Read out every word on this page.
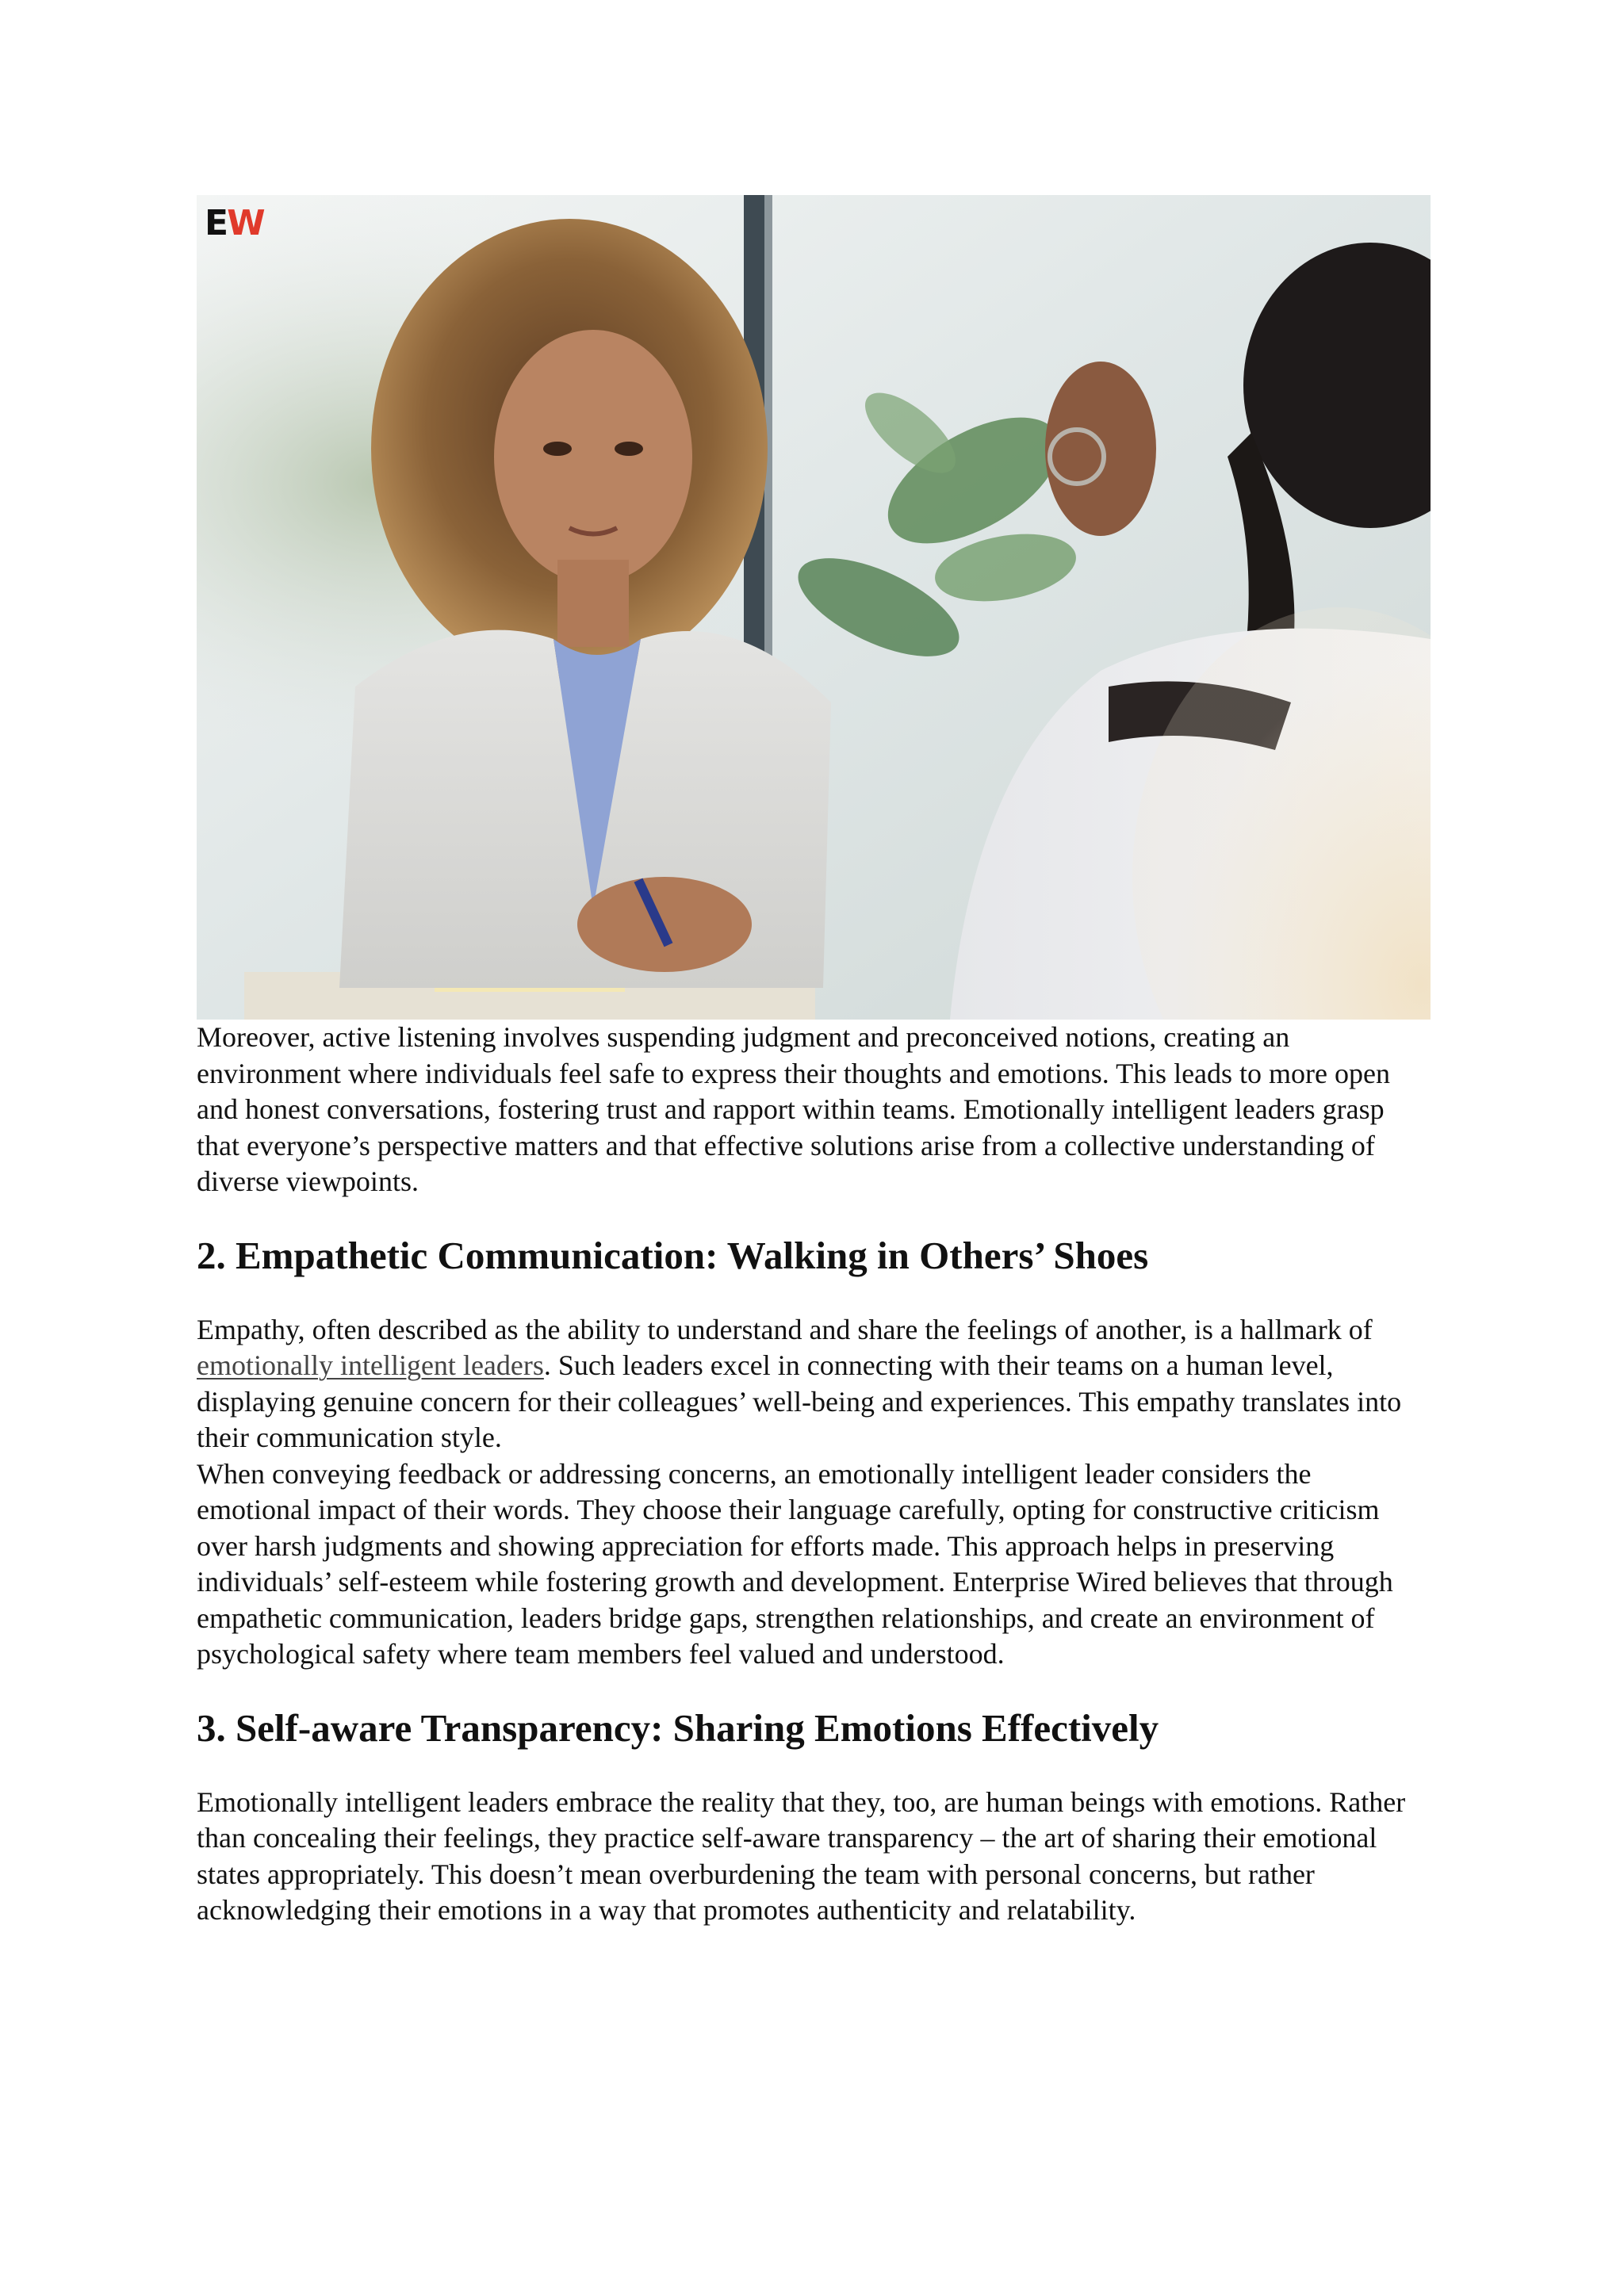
EW

Moreover, active listening involves suspending judgment and preconceived notions, creating an environment where individuals feel safe to express their thoughts and emotions. This leads to more open and honest conversations, fostering trust and rapport within teams. Emotionally intelligent leaders grasp that everyone’s perspective matters and that effective solutions arise from a collective understanding of diverse viewpoints.

2. Empathetic Communication: Walking in Others’ Shoes

Empathy, often described as the ability to understand and share the feelings of another, is a hallmark of emotionally intelligent leaders. Such leaders excel in connecting with their teams on a human level, displaying genuine concern for their colleagues’ well-being and experiences. This empathy translates into their communication style.

When conveying feedback or addressing concerns, an emotionally intelligent leader considers the emotional impact of their words. They choose their language carefully, opting for constructive criticism over harsh judgments and showing appreciation for efforts made. This approach helps in preserving individuals’ self-esteem while fostering growth and development. Enterprise Wired believes that through empathetic communication, leaders bridge gaps, strengthen relationships, and create an environment of psychological safety where team members feel valued and understood.

3. Self-aware Transparency: Sharing Emotions Effectively

Emotionally intelligent leaders embrace the reality that they, too, are human beings with emotions. Rather than concealing their feelings, they practice self-aware transparency – the art of sharing their emotional states appropriately. This doesn’t mean overburdening the team with personal concerns, but rather acknowledging their emotions in a way that promotes authenticity and relatability.
